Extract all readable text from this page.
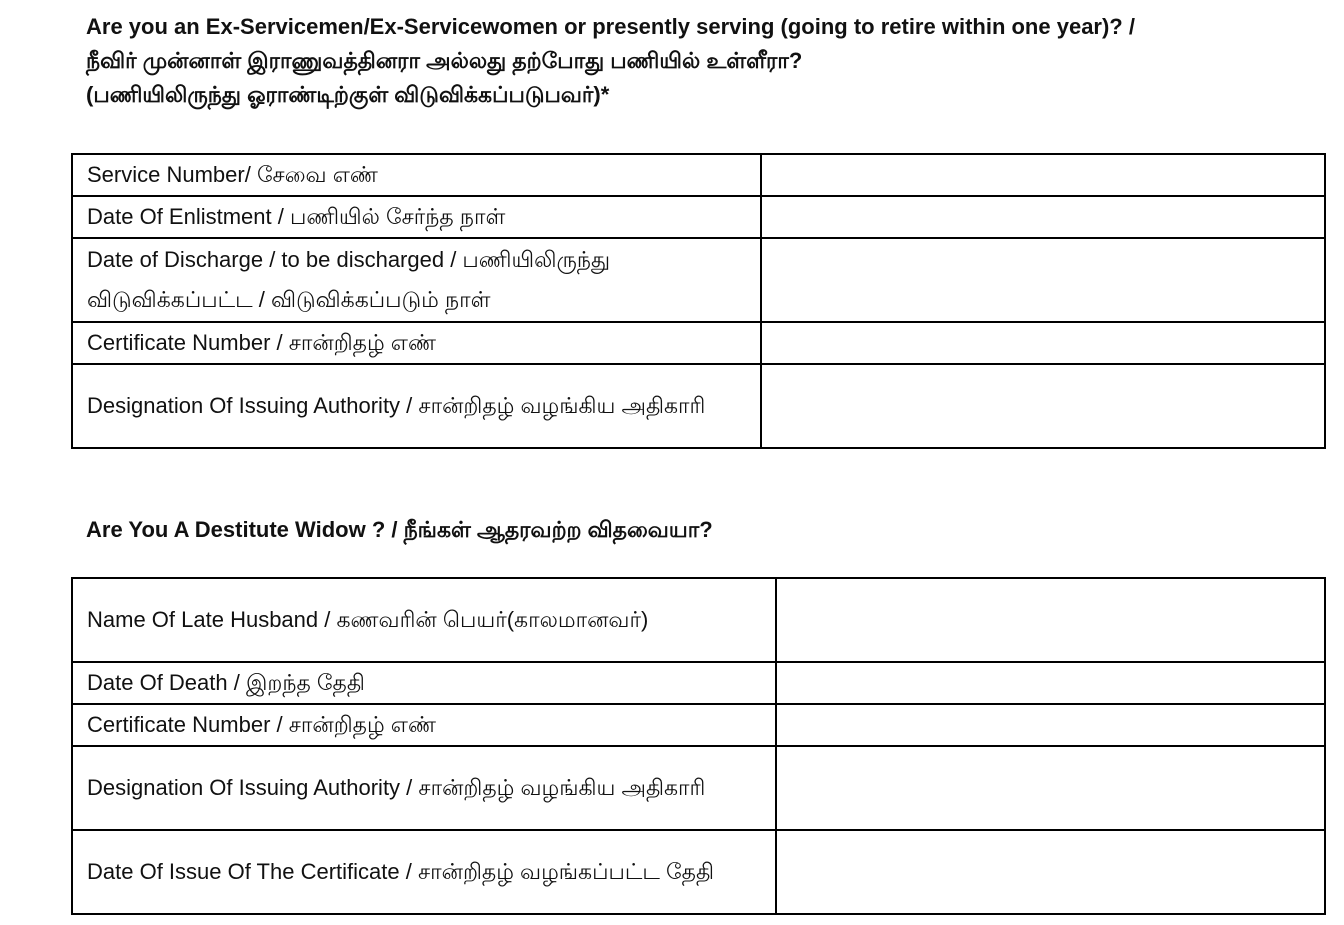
Are you an Ex-Servicemen/Ex-Servicewomen or presently serving (going to retire within one year)? /
நீவிர் முன்னாள் இராணுவத்தினரா அல்லது தற்போது பணியில் உள்ளீரா?
(பணியிலிருந்து ஓராண்டிற்குள் விடுவிக்கப்படுபவர்)*
Service Number/ சேவை எண்	
Date Of Enlistment / பணியில் சேர்ந்த நாள்	
Date of Discharge / to be discharged / பணியிலிருந்து விடுவிக்கப்பட்ட / விடுவிக்கப்படும் நாள்	
Certificate Number / சான்றிதழ் எண்	
Designation Of Issuing Authority / சான்றிதழ் வழங்கிய அதிகாரி	
Are You A Destitute Widow ? / நீங்கள் ஆதரவற்ற விதவையா?
Name Of Late Husband / கணவரின் பெயர்(காலமானவர்)	
Date Of Death / இறந்த தேதி	
Certificate Number / சான்றிதழ் எண்	
Designation Of Issuing Authority / சான்றிதழ் வழங்கிய அதிகாரி	
Date Of Issue Of The Certificate / சான்றிதழ் வழங்கப்பட்ட தேதி	
